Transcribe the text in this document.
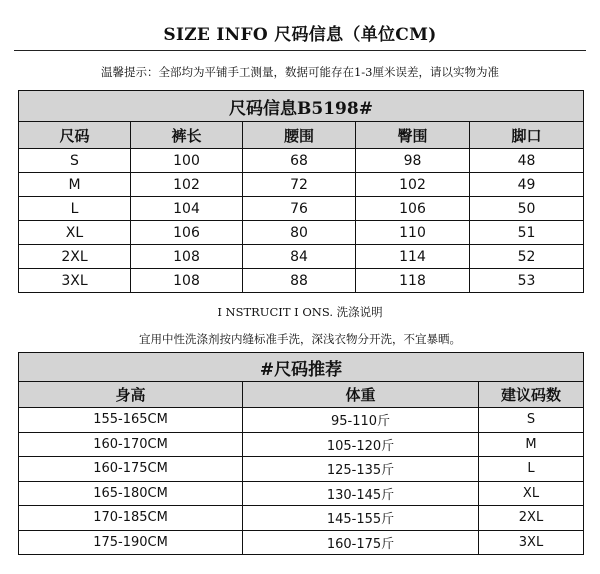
SIZE INFO 尺码信息（单位CM)
温馨提示：全部均为平铺手工测量，数据可能存在1-3厘米误差，请以实物为准
尺码信息B5198#				
尺码	裤长	腰围	臀围	脚口
S	100	68	98	48
M	102	72	102	49
L	104	76	106	50
XL	106	80	110	51
2XL	108	84	114	52
3XL	108	88	118	53
I NSTRUCIT I ONS. 洗涤说明
宜用中性洗涤剂按内缝标准手洗，深浅衣物分开洗，不宜暴晒。
#尺码推荐		
身高	体重	建议码数
155-165CM	95-110斤	S
160-170CM	105-120斤	M
160-175CM	125-135斤	L
165-180CM	130-145斤	XL
170-185CM	145-155斤	2XL
175-190CM	160-175斤	3XL
